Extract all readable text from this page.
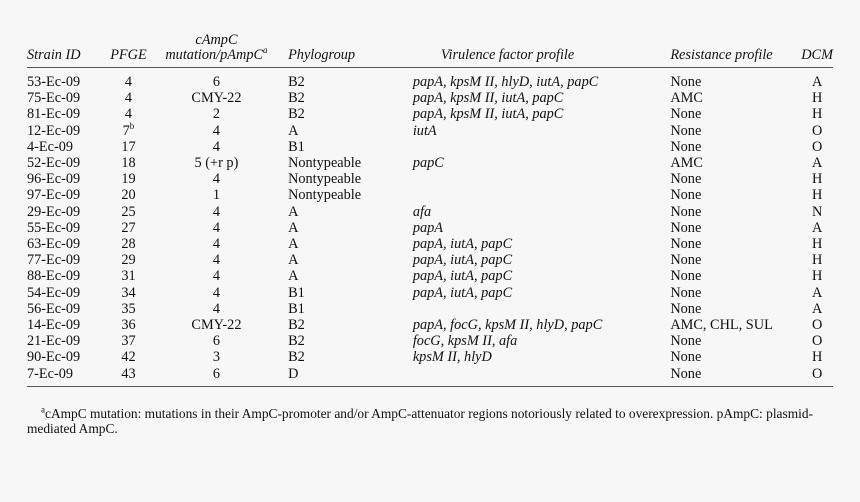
Strain ID	PFGE	cAmpC
mutation/pAmpC$^a$	Phylogroup	Virulence factor profile	Resistance profile	DCM
53-Ec-09	4	6	B2	papA, kpsM II, hlyD, iutA, papC	None	A
75-Ec-09	4	CMY-22	B2	papA, kpsM II, iutA, papC	AMC	H
81-Ec-09	4	2	B2	papA, kpsM II, iutA, papC	None	H
12-Ec-09	7$^b$	4	A	iutA	None	O
4-Ec-09	17	4	B1		None	O
52-Ec-09	18	5 (+r p)	Nontypeable	papC	AMC	A
96-Ec-09	19	4	Nontypeable		None	H
97-Ec-09	20	1	Nontypeable		None	H
29-Ec-09	25	4	A	afa	None	N
55-Ec-09	27	4	A	papA	None	A
63-Ec-09	28	4	A	papA, iutA, papC	None	H
77-Ec-09	29	4	A	papA, iutA, papC	None	H
88-Ec-09	31	4	A	papA, iutA, papC	None	H
54-Ec-09	34	4	B1	papA, iutA, papC	None	A
56-Ec-09	35	4	B1		None	A
14-Ec-09	36	CMY-22	B2	papA, focG, kpsM II, hlyD, papC	AMC, CHL, SUL	O
21-Ec-09	37	6	B2	focG, kpsM II, afa	None	O
90-Ec-09	42	3	B2	kpsM II, hlyD	None	H
7-Ec-09	43	6	D		None	O
$^a$cAmpC mutation: mutations in their AmpC-promoter and/or AmpC-attenuator regions notoriously related to overexpression. pAmpC: plasmid-mediated AmpC.
